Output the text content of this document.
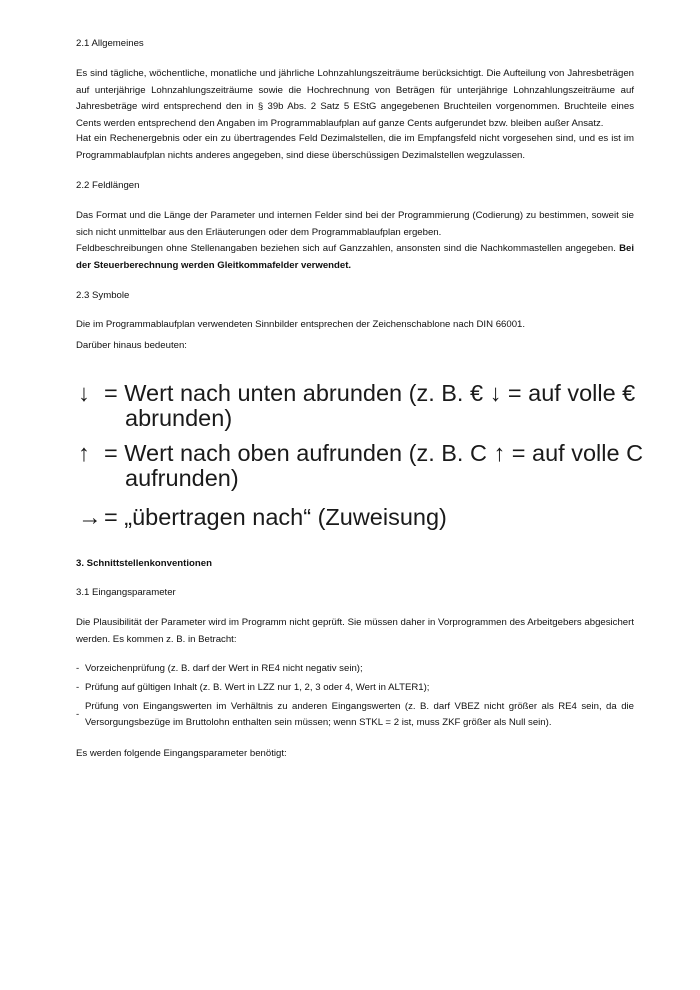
2.1 Allgemeines

Es sind tägliche, wöchentliche, monatliche und jährliche Lohnzahlungszeiträume berücksichtigt. Die Aufteilung von Jahresbeträgen auf unterjährige Lohnzahlungszeiträume sowie die Hochrechnung von Beträgen für unterjährige Lohnzahlungszeiträume auf Jahresbeträge wird entsprechend den in § 39b Abs. 2 Satz 5 EStG angegebenen Bruchteilen vorgenommen. Bruchteile eines Cents werden entsprechend den Angaben im Programmablaufplan auf ganze Cents aufgerundet bzw. bleiben außer Ansatz.

Hat ein Rechenergebnis oder ein zu übertragendes Feld Dezimalstellen, die im Empfangsfeld nicht vorgesehen sind, und es ist im Programmablaufplan nichts anderes angegeben, sind diese überschüssigen Dezimalstellen wegzulassen.

2.2 Feldlängen

Das Format und die Länge der Parameter und internen Felder sind bei der Programmierung (Codierung) zu bestimmen, soweit sie sich nicht unmittelbar aus den Erläuterungen oder dem Programmablaufplan ergeben.

Feldbeschreibungen ohne Stellenangaben beziehen sich auf Ganzzahlen, ansonsten sind die Nachkommastellen angegeben. Bei der Steuerberechnung werden Gleitkommafelder verwendet.

2.3 Symbole

Die im Programmablaufplan verwendeten Sinnbilder entsprechen der Zeichenschablone nach DIN 66001.

Darüber hinaus bedeuten:

↓ = Wert nach unten abrunden (z. B. € ↓ = auf volle €
abrunden)
↑ = Wert nach oben aufrunden (z. B. C ↑ = auf volle C
aufrunden)
→ = „übertragen nach“ (Zuweisung)

3. Schnittstellenkonventionen

3.1 Eingangsparameter

Die Plausibilität der Parameter wird im Programm nicht geprüft. Sie müssen daher in Vorprogrammen des Arbeitgebers abgesichert werden. Es kommen z. B. in Betracht:

- Vorzeichenprüfung (z. B. darf der Wert in RE4 nicht negativ sein);
- Prüfung auf gültigen Inhalt (z. B. Wert in LZZ nur 1, 2, 3 oder 4, Wert in ALTER1);
-
Prüfung von Eingangswerten im Verhältnis zu anderen Eingangswerten (z. B. darf VBEZ nicht größer als RE4 sein, da die Versorgungsbezüge im Bruttolohn enthalten sein müssen; wenn STKL = 2 ist, muss ZKF größer als Null sein).

Es werden folgende Eingangsparameter benötigt:
